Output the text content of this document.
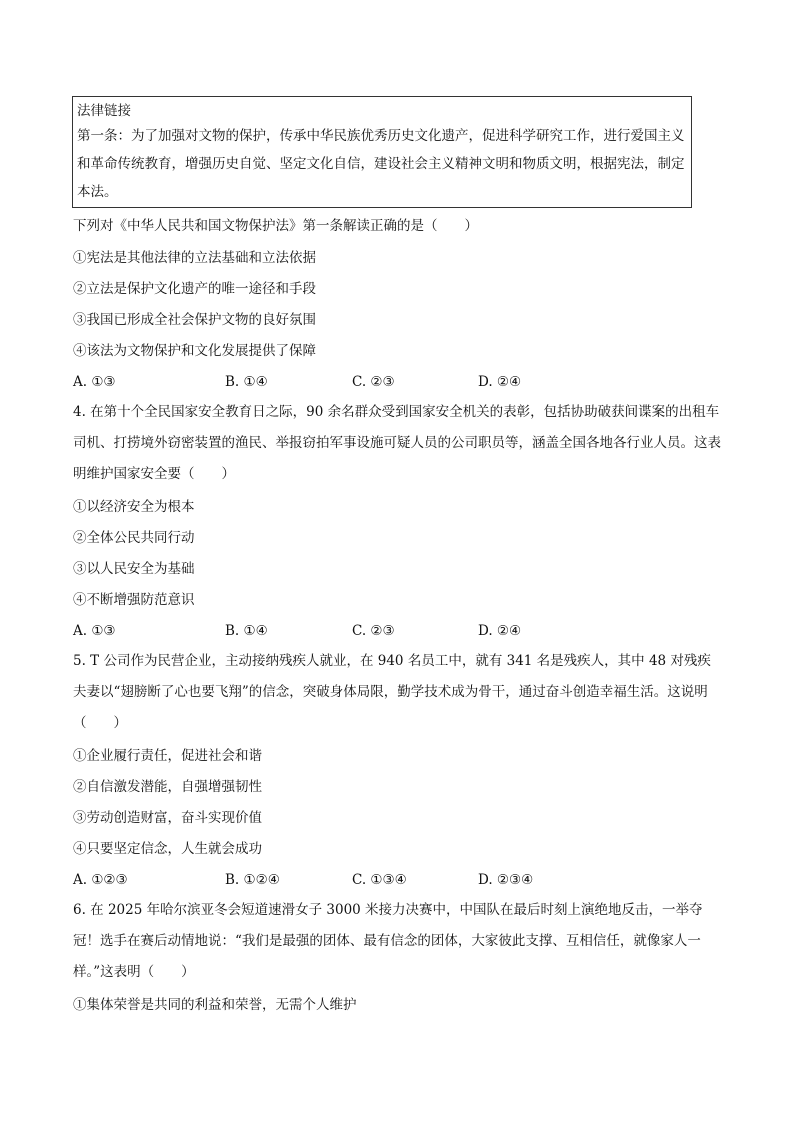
法律链接
第一条：为了加强对文物的保护，传承中华民族优秀历史文化遗产，促进科学研究工作，进行爱国主义和革命传统教育，增强历史自觉、坚定文化自信，建设社会主义精神文明和物质文明，根据宪法，制定本法。
下列对《中华人民共和国文物保护法》第一条解读正确的是（　　）
①宪法是其他法律的立法基础和立法依据
②立法是保护文化遗产的唯一途径和手段
③我国已形成全社会保护文物的良好氛围
④该法为文物保护和文化发展提供了保障
A. ①③	B. ①④	C. ②③	D. ②④
4. 在第十个全民国家安全教育日之际，90 余名群众受到国家安全机关的表彰，包括协助破获间谍案的出租车司机、打捞境外窃密装置的渔民、举报窃拍军事设施可疑人员的公司职员等，涵盖全国各地各行业人员。这表明维护国家安全要（　　）
①以经济安全为根本
②全体公民共同行动
③以人民安全为基础
④不断增强防范意识
A. ①③	B. ①④	C. ②③	D. ②④
5. T 公司作为民营企业，主动接纳残疾人就业，在 940 名员工中，就有 341 名是残疾人，其中 48 对残疾夫妻以“翅膀断了心也要飞翔”的信念，突破身体局限，勤学技术成为骨干，通过奋斗创造幸福生活。这说明（　　）
①企业履行责任，促进社会和谐
②自信激发潜能，自强增强韧性
③劳动创造财富，奋斗实现价值
④只要坚定信念，人生就会成功
A. ①②③	B. ①②④	C. ①③④	D. ②③④
6. 在 2025 年哈尔滨亚冬会短道速滑女子 3000 米接力决赛中，中国队在最后时刻上演绝地反击，一举夺冠！选手在赛后动情地说：“我们是最强的团体、最有信念的团体，大家彼此支撑、互相信任，就像家人一样。”这表明（　　）
①集体荣誉是共同的利益和荣誉，无需个人维护
